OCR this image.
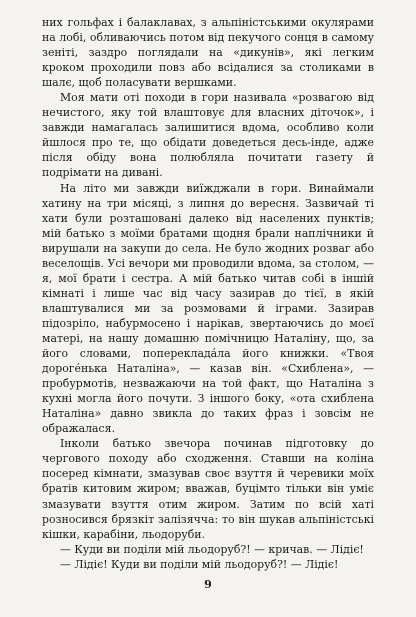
них гольфах і балаклавах, з альпіністськими окулярами на лобі, обливаючись потом від пекучого сонця в самому зеніті, заздро поглядали на «дикунів», які легким кроком проходили повз або всідалися за столиками в шалє, щоб поласувати вершками.

Моя мати оті походи в гори називала «розвагою від нечистого, яку той влаштовує для власних діточок», і завжди намагалась залишитися вдома, особливо коли йшлося про те, що обідати доведеться десь-інде, адже після обіду вона полюбляла почитати газету й подрімати на дивані.

На літо ми завжди виїжджали в гори. Винаймали хатину на три місяці, з липня до вересня. Зазвичай ті хати були розташовані далеко від населених пунктів; мій батько з моїми братами щодня брали наплічники й вирушали на закупи до села. Не було жодних розваг або веселощів. Усі вечори ми проводили вдома, за столом, — я, мої брати і сестра. А мій батько читав собі в іншій кімнаті і лише час від часу зазирав до тієї, в якій влаштувалися ми за розмовами й іграми. Зазирав підозріло, набурмосено і нарікав, звертаючись до моєї матері, на нашу домашню помічницю Наталіну, що, за його словами, попереклада́ла його книжки. «Твоя дороге́нька Наталіна», — казав він. «Схиблена», — пробурмотів, незважаючи на той факт, що Наталіна з кухні могла його почути. З іншого боку, «ота схиблена Наталіна» давно звикла до таких фраз і зовсім не ображалася.

Інколи батько звечора починав підготовку до чергового походу або сходження. Ставши на коліна посеред кімнати, змазував своє взуття й черевики моїх братів китовим жиром; вважав, буцімто тільки він уміє змазувати взуття отим жиром. Затим по всій хаті розносився брязкіт залізячча: то він шукав альпіністські кішки, карабіни, льодоруби.

— Куди ви поділи мій льодоруб?! — кричав. — Лідіє!

— Лідіє! Куди ви поділи мій льодоруб?! — Лідіє!

9
